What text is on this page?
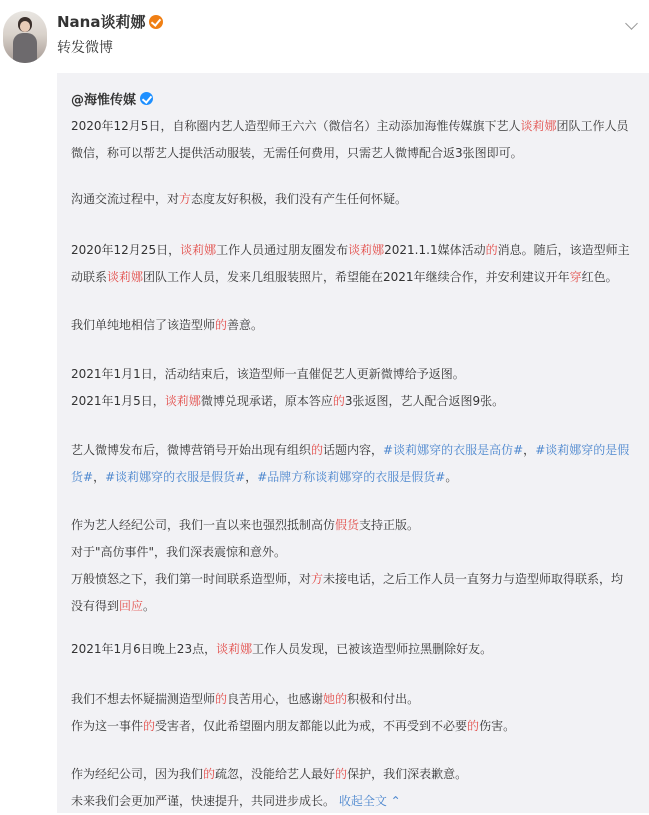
Nana谈莉娜
转发微博
@海惟传媒
2020年12月5日，自称圈内艺人造型师王六六（微信名）主动添加海惟传媒旗下艺人谈莉娜团队工作人员微信，称可以帮艺人提供活动服装，无需任何费用，只需艺人微博配合返3张图即可。
沟通交流过程中，对方态度友好积极，我们没有产生任何怀疑。
2020年12月25日，谈莉娜工作人员通过朋友圈发布谈莉娜2021.1.1媒体活动的消息。随后，该造型师主动联系谈莉娜团队工作人员，发来几组服装照片，希望能在2021年继续合作，并安利建议开年穿红色。
我们单纯地相信了该造型师的善意。
2021年1月1日，活动结束后，该造型师一直催促艺人更新微博给予返图。
2021年1月5日，谈莉娜微博兑现承诺，原本答应的3张返图，艺人配合返图9张。
艺人微博发布后，微博营销号开始出现有组织的话题内容，#谈莉娜穿的衣服是高仿#，#谈莉娜穿的是假货#，#谈莉娜穿的衣服是假货#，#品牌方称谈莉娜穿的衣服是假货#。
作为艺人经纪公司，我们一直以来也强烈抵制高仿假货支持正版。
对于"高仿事件"，我们深表震惊和意外。
万般愤怒之下，我们第一时间联系造型师，对方未接电话，之后工作人员一直努力与造型师取得联系，均没有得到回应。
2021年1月6日晚上23点，谈莉娜工作人员发现，已被该造型师拉黑删除好友。
我们不想去怀疑揣测造型师的良苦用心，也感谢她的积极和付出。
作为这一事件的受害者，仅此希望圈内朋友都能以此为戒，不再受到不必要的伤害。
作为经纪公司，因为我们的疏忽，没能给艺人最好的保护，我们深表歉意。
未来我们会更加严谨，快速提升，共同进步成长。 收起全文 ⌃
